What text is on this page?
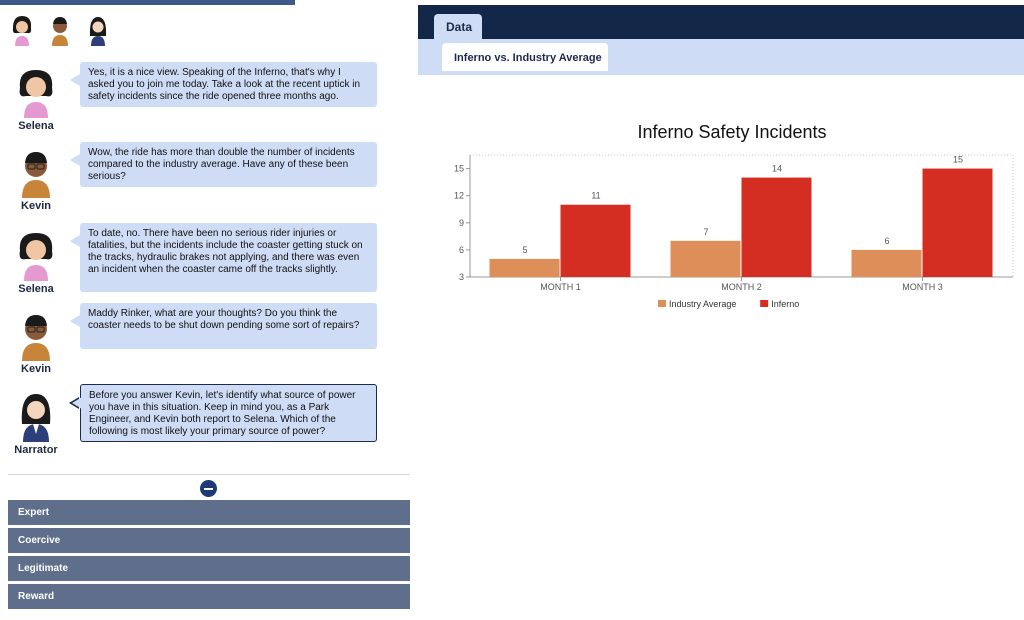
Selena
Yes, it is a nice view. Speaking of the Inferno, that's why I asked you to join me today. Take a look at the recent uptick in safety incidents since the ride opened three months ago.
Kevin
Wow, the ride has more than double the number of incidents compared to the industry average. Have any of these been serious?
Selena
To date, no. There have been no serious rider injuries or fatalities, but the incidents include the coaster getting stuck on the tracks, hydraulic brakes not applying, and there was even an incident when the coaster came off the tracks slightly.
Kevin
Maddy Rinker, what are your thoughts? Do you think the coaster needs to be shut down pending some sort of repairs?
Narrator
Before you answer Kevin, let's identify what source of power you have in this situation. Keep in mind you, as a Park Engineer, and Kevin both report to Selena. Which of the following is most likely your primary source of power?
Expert
Coercive
Legitimate
Reward
Data
Inferno vs. Industry Average
Inferno Safety Incidents
3
6
9
12
15
5
11
MONTH 1
7
14
MONTH 2
6
15
MONTH 3
Industry Average	Inferno
